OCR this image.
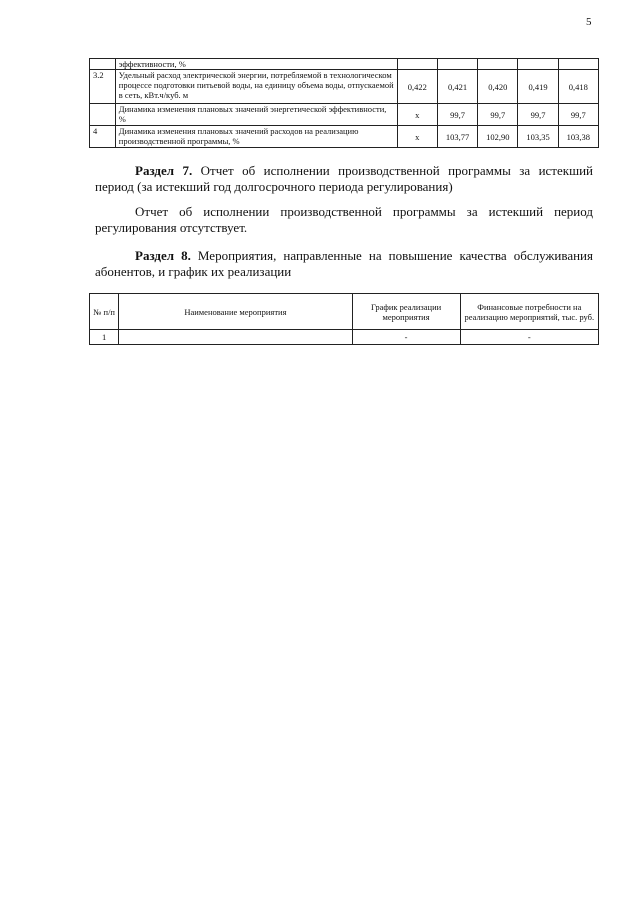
5
	эффективности, %					
3.2	Удельный расход электрической энергии, потребляемой в технологическом процессе подготовки питьевой воды, на единицу объема воды, отпускаемой в сеть, кВт.ч/куб. м	0,422	0,421	0,420	0,419	0,418
	Динамика изменения плановых значений энергетической эффективности, %	x	99,7	99,7	99,7	99,7
4	Динамика изменения плановых значений расходов на реализацию производственной программы, %	x	103,77	102,90	103,35	103,38
Раздел 7. Отчет об исполнении производственной программы за истекший период (за истекший год долгосрочного периода регулирования)
Отчет об исполнении производственной программы за истекший период регулирования отсутствует.
Раздел 8. Мероприятия, направленные на повышение качества обслуживания абонентов, и график их реализации
№ п/п	Наименование мероприятия	График реализации мероприятия	Финансовые потребности на реализацию мероприятий, тыс. руб.
1		-	-
